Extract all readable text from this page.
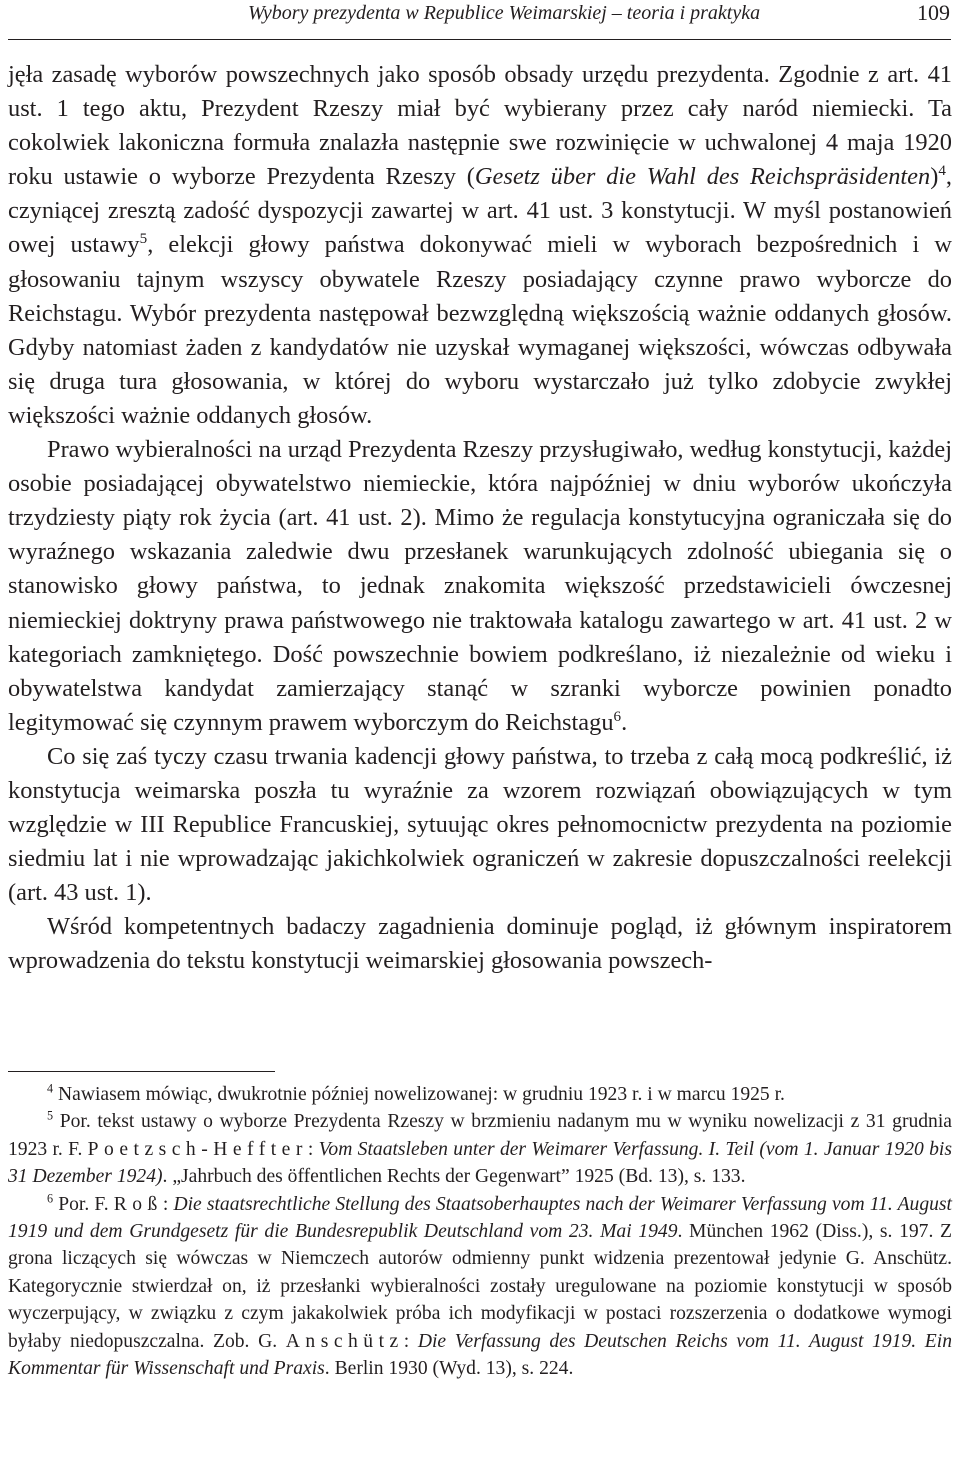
Wybory prezydenta w Republice Weimarskiej – teoria i praktyka	109

jęła zasadę wyborów powszechnych jako sposób obsady urzędu prezydenta. Zgodnie z art. 41 ust. 1 tego aktu, Prezydent Rzeszy miał być wybierany przez cały naród niemiecki. Ta cokolwiek lakoniczna formuła znalazła następnie swe rozwinięcie w uchwalonej 4 maja 1920 roku ustawie o wyborze Prezydenta Rzeszy (Gesetz über die Wahl des Reichspräsidenten)$^4$, czyniącej zresztą zadość dyspozycji zawartej w art. 41 ust. 3 konstytucji. W myśl postanowień owej ustawy$^5$, elekcji głowy państwa dokonywać mieli w wyborach bezpośrednich i w głosowaniu tajnym wszyscy obywatele Rzeszy posiadający czynne prawo wyborcze do Reichstagu. Wybór prezydenta następował bezwzględną większością ważnie oddanych głosów. Gdyby natomiast żaden z kandydatów nie uzyskał wymaganej większości, wówczas odbywała się druga tura głosowania, w której do wyboru wystarczało już tylko zdobycie zwykłej większości ważnie oddanych głosów.

Prawo wybieralności na urząd Prezydenta Rzeszy przysługiwało, według konstytucji, każdej osobie posiadającej obywatelstwo niemieckie, która najpóźniej w dniu wyborów ukończyła trzydziesty piąty rok życia (art. 41 ust. 2). Mimo że regulacja konstytucyjna ograniczała się do wyraźnego wskazania zaledwie dwu przesłanek warunkujących zdolność ubiegania się o stanowisko głowy państwa, to jednak znakomita większość przedstawicieli ówczesnej niemieckiej doktryny prawa państwowego nie traktowała katalogu zawartego w art. 41 ust. 2 w kategoriach zamkniętego. Dość powszechnie bowiem podkreślano, iż niezależnie od wieku i obywatelstwa kandydat zamierzający stanąć w szranki wyborcze powinien ponadto legitymować się czynnym prawem wyborczym do Reichstagu$^6$.

Co się zaś tyczy czasu trwania kadencji głowy państwa, to trzeba z całą mocą podkreślić, iż konstytucja weimarska poszła tu wyraźnie za wzorem rozwiązań obowiązujących w tym względzie w III Republice Francuskiej, sytuując okres pełnomocnictw prezydenta na poziomie siedmiu lat i nie wprowadzając jakichkolwiek ograniczeń w zakresie dopuszczalności reelekcji (art. 43 ust. 1).

Wśród kompetentnych badaczy zagadnienia dominuje pogląd, iż głównym inspiratorem wprowadzenia do tekstu konstytucji weimarskiej głosowania powszech-

$^4$ Nawiasem mówiąc, dwukrotnie później nowelizowanej: w grudniu 1923 r. i w marcu 1925 r.

$^5$ Por. tekst ustawy o wyborze Prezydenta Rzeszy w brzmieniu nadanym mu w wyniku nowelizacji z 31 grudnia 1923 r. F. Poetzsch-Heffter: Vom Staatsleben unter der Weimarer Verfassung. I. Teil (vom 1. Januar 1920 bis 31 Dezember 1924). „Jahrbuch des öffentlichen Rechts der Gegenwart” 1925 (Bd. 13), s. 133.

$^6$ Por. F. Roß: Die staatsrechtliche Stellung des Staatsoberhauptes nach der Weimarer Verfassung vom 11. August 1919 und dem Grundgesetz für die Bundesrepublik Deutschland vom 23. Mai 1949. München 1962 (Diss.), s. 197. Z grona liczących się wówczas w Niemczech autorów odmienny punkt widzenia prezentował jedynie G. Anschütz. Kategorycznie stwierdzał on, iż przesłanki wybieralności zostały uregulowane na poziomie konstytucji w sposób wyczerpujący, w związku z czym jakakolwiek próba ich modyfikacji w postaci rozszerzenia o dodatkowe wymogi byłaby niedopuszczalna. Zob. G. Anschütz: Die Verfassung des Deutschen Reichs vom 11. August 1919. Ein Kommentar für Wissenschaft und Praxis. Berlin 1930 (Wyd. 13), s. 224.
